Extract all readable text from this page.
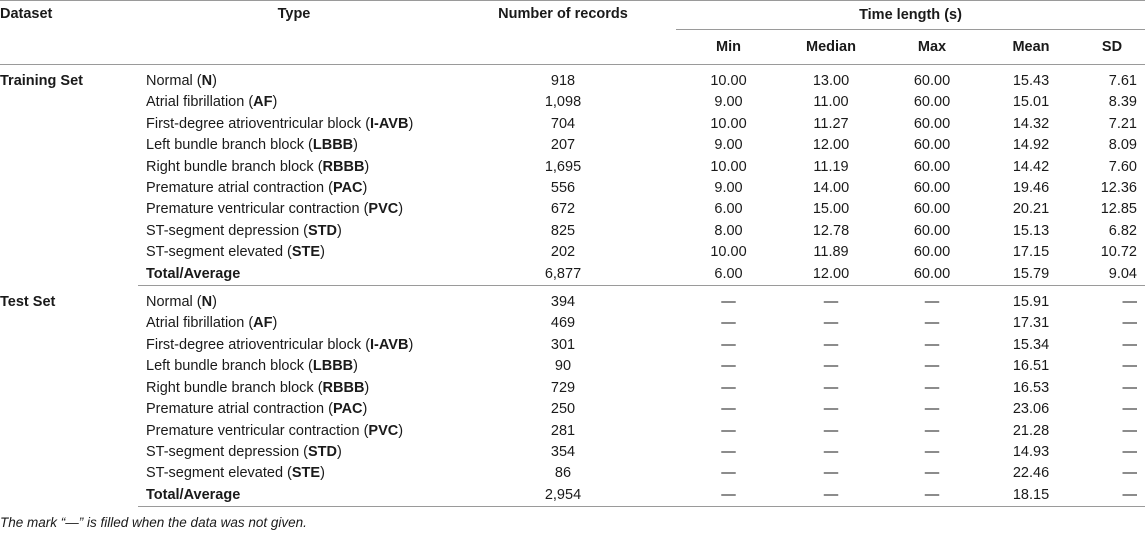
Dataset	Type	Number of records	Time length (s)				
			Min	Median	Max	Mean	SD

Training Set	Normal (N)	918	10.00	13.00	60.00	15.43	7.61
	Atrial fibrillation (AF)	1,098	9.00	11.00	60.00	15.01	8.39
	First-degree atrioventricular block (I-AVB)	704	10.00	11.27	60.00	14.32	7.21
	Left bundle branch block (LBBB)	207	9.00	12.00	60.00	14.92	8.09
	Right bundle branch block (RBBB)	1,695	10.00	11.19	60.00	14.42	7.60
	Premature atrial contraction (PAC)	556	9.00	14.00	60.00	19.46	12.36
	Premature ventricular contraction (PVC)	672	6.00	15.00	60.00	20.21	12.85
	ST-segment depression (STD)	825	8.00	12.78	60.00	15.13	6.82
	ST-segment elevated (STE)	202	10.00	11.89	60.00	17.15	10.72
	Total/Average	6,877	6.00	12.00	60.00	15.79	9.04

Test Set	Normal (N)	394	—	—	—	15.91	—
	Atrial fibrillation (AF)	469	—	—	—	17.31	—
	First-degree atrioventricular block (I-AVB)	301	—	—	—	15.34	—
	Left bundle branch block (LBBB)	90	—	—	—	16.51	—
	Right bundle branch block (RBBB)	729	—	—	—	16.53	—
	Premature atrial contraction (PAC)	250	—	—	—	23.06	—
	Premature ventricular contraction (PVC)	281	—	—	—	21.28	—
	ST-segment depression (STD)	354	—	—	—	14.93	—
	ST-segment elevated (STE)	86	—	—	—	22.46	—
	Total/Average	2,954	—	—	—	18.15	—
The mark “—” is filled when the data was not given.
